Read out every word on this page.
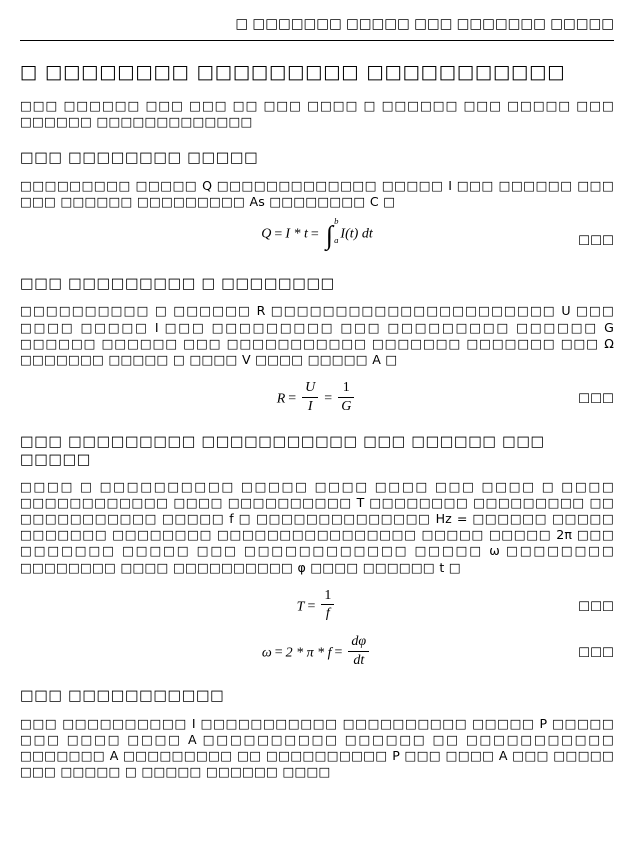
□ □□□□□□□ □□□□□ □□□ □□□□□□□ □□□□□
□ □□□□□□□□ □□□□□□□□□ □□□□□□□□□□□

□□□ □□□□□□ □□□ □□□ □□ □□□ □□□□ □ □□□□□□ □□□ □□□□□ □□□ □□□□□□ □□□□□□□□□□□□□

□□□ □□□□□□□□ □□□□□

□□□□□□□□□ □□□□□ Q □□□□□□□□□□□□□ □□□□□ I □□□ □□□□□□ □□□ □□□ □□□□□□ □□□□□□□□□ As □□□□□□□□ C □

Q = I * t = ∫ b
a I(t) dt	□□□
□□□ □□□□□□□□□ □ □□□□□□□□

□□□□□□□□□□ □ □□□□□□ R □□□□□□□□□□□□□□□□□□□□□□ U □□□ □□□□ □□□□□ I □□□ □□□□□□□□□ □□□ □□□□□□□□□ □□□□□□ G □□□□□□ □□□□□□ □□□ □□□□□□□□□□□ □□□□□□□ □□□□□□□ □□□ Ω □□□□□□□ □□□□□ □ □□□□ V □□□□ □□□□□ A □

$R = \frac{U}{I} = \frac{1}{G}$	□□□
□□□ □□□□□□□□□ □□□□□□□□□□□ □□□ □□□□□□ □□□ □□□□□

□□□□ □ □□□□□□□□□□ □□□□□ □□□□ □□□□ □□□ □□□□ □ □□□□ □□□□□□□□□□□□ □□□□ □□□□□□□□□□ T □□□□□□□□ □□□□□□□□□ □□ □□□□□□□□□□□ □□□□□ f □ □□□□□□□□□□□□□□ Hz = □□□□□□ □□□□□ □□□□□□□ □□□□□□□□ □□□□□□□□□□□□□□□□ □□□□□ □□□□□ 2π □□□ □□□□□□□ □□□□□ □□□ □□□□□□□□□□□□ □□□□□ ω □□□□□□□□ □□□□□□□□ □□□□ □□□□□□□□□□ φ □□□□ □□□□□□ t □

$T = \frac{1}{f}$	□□□
$\omega = 2 * \pi * f = \frac{d\varphi}{dt}$	□□□
□□□ □□□□□□□□□□□

□□□ □□□□□□□□□□ I □□□□□□□□□□□ □□□□□□□□□□ □□□□□ P □□□□□ □□□ □□□□ □□□□ A □□□□□□□□□□ □□□□□□ □□ □□□□□□□□□□□ □□□□□□□ A □□□□□□□□□ □□ □□□□□□□□□□ P □□□ □□□□ A □□□ □□□□□ □□□ □□□□□ □ □□□□□ □□□□□□ □□□□
